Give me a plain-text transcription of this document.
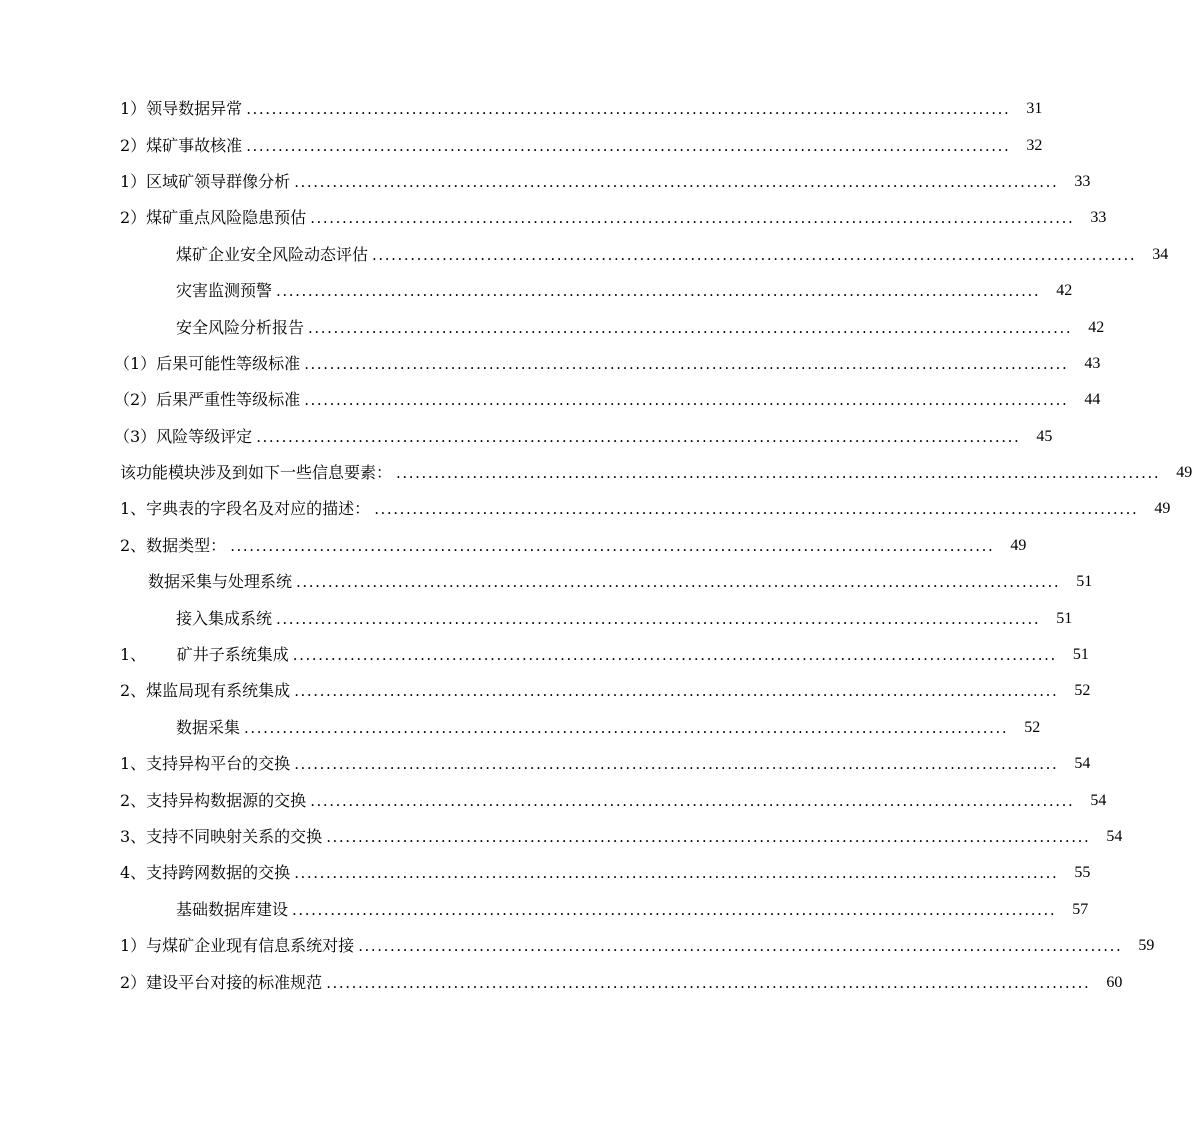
1）领导数据异常 ........................................................................................................................	31
2）煤矿事故核准 ........................................................................................................................	32
1）区域矿领导群像分析 ........................................................................................................................	33
2）煤矿重点风险隐患预估 ........................................................................................................................	33
煤矿企业安全风险动态评估 ........................................................................................................................	34
灾害监测预警 ........................................................................................................................	42
安全风险分析报告 ........................................................................................................................	42
（1）后果可能性等级标准 ........................................................................................................................	43
（2）后果严重性等级标准 ........................................................................................................................	44
（3）风险等级评定 ........................................................................................................................	45
该功能模块涉及到如下一些信息要素： ........................................................................................................................	49
1、字典表的字段名及对应的描述： ........................................................................................................................	49
2、数据类型： ........................................................................................................................	49
数据采集与处理系统 ........................................................................................................................	51
接入集成系统 ........................................................................................................................	51
1、      矿井子系统集成 ........................................................................................................................	51
2、煤监局现有系统集成 ........................................................................................................................	52
数据采集 ........................................................................................................................	52
1、支持异构平台的交换 ........................................................................................................................	54
2、支持异构数据源的交换 ........................................................................................................................	54
3、支持不同映射关系的交换 ........................................................................................................................	54
4、支持跨网数据的交换 ........................................................................................................................	55
基础数据库建设 ........................................................................................................................	57
1）与煤矿企业现有信息系统对接 ........................................................................................................................	59
2）建设平台对接的标准规范 ........................................................................................................................	60
